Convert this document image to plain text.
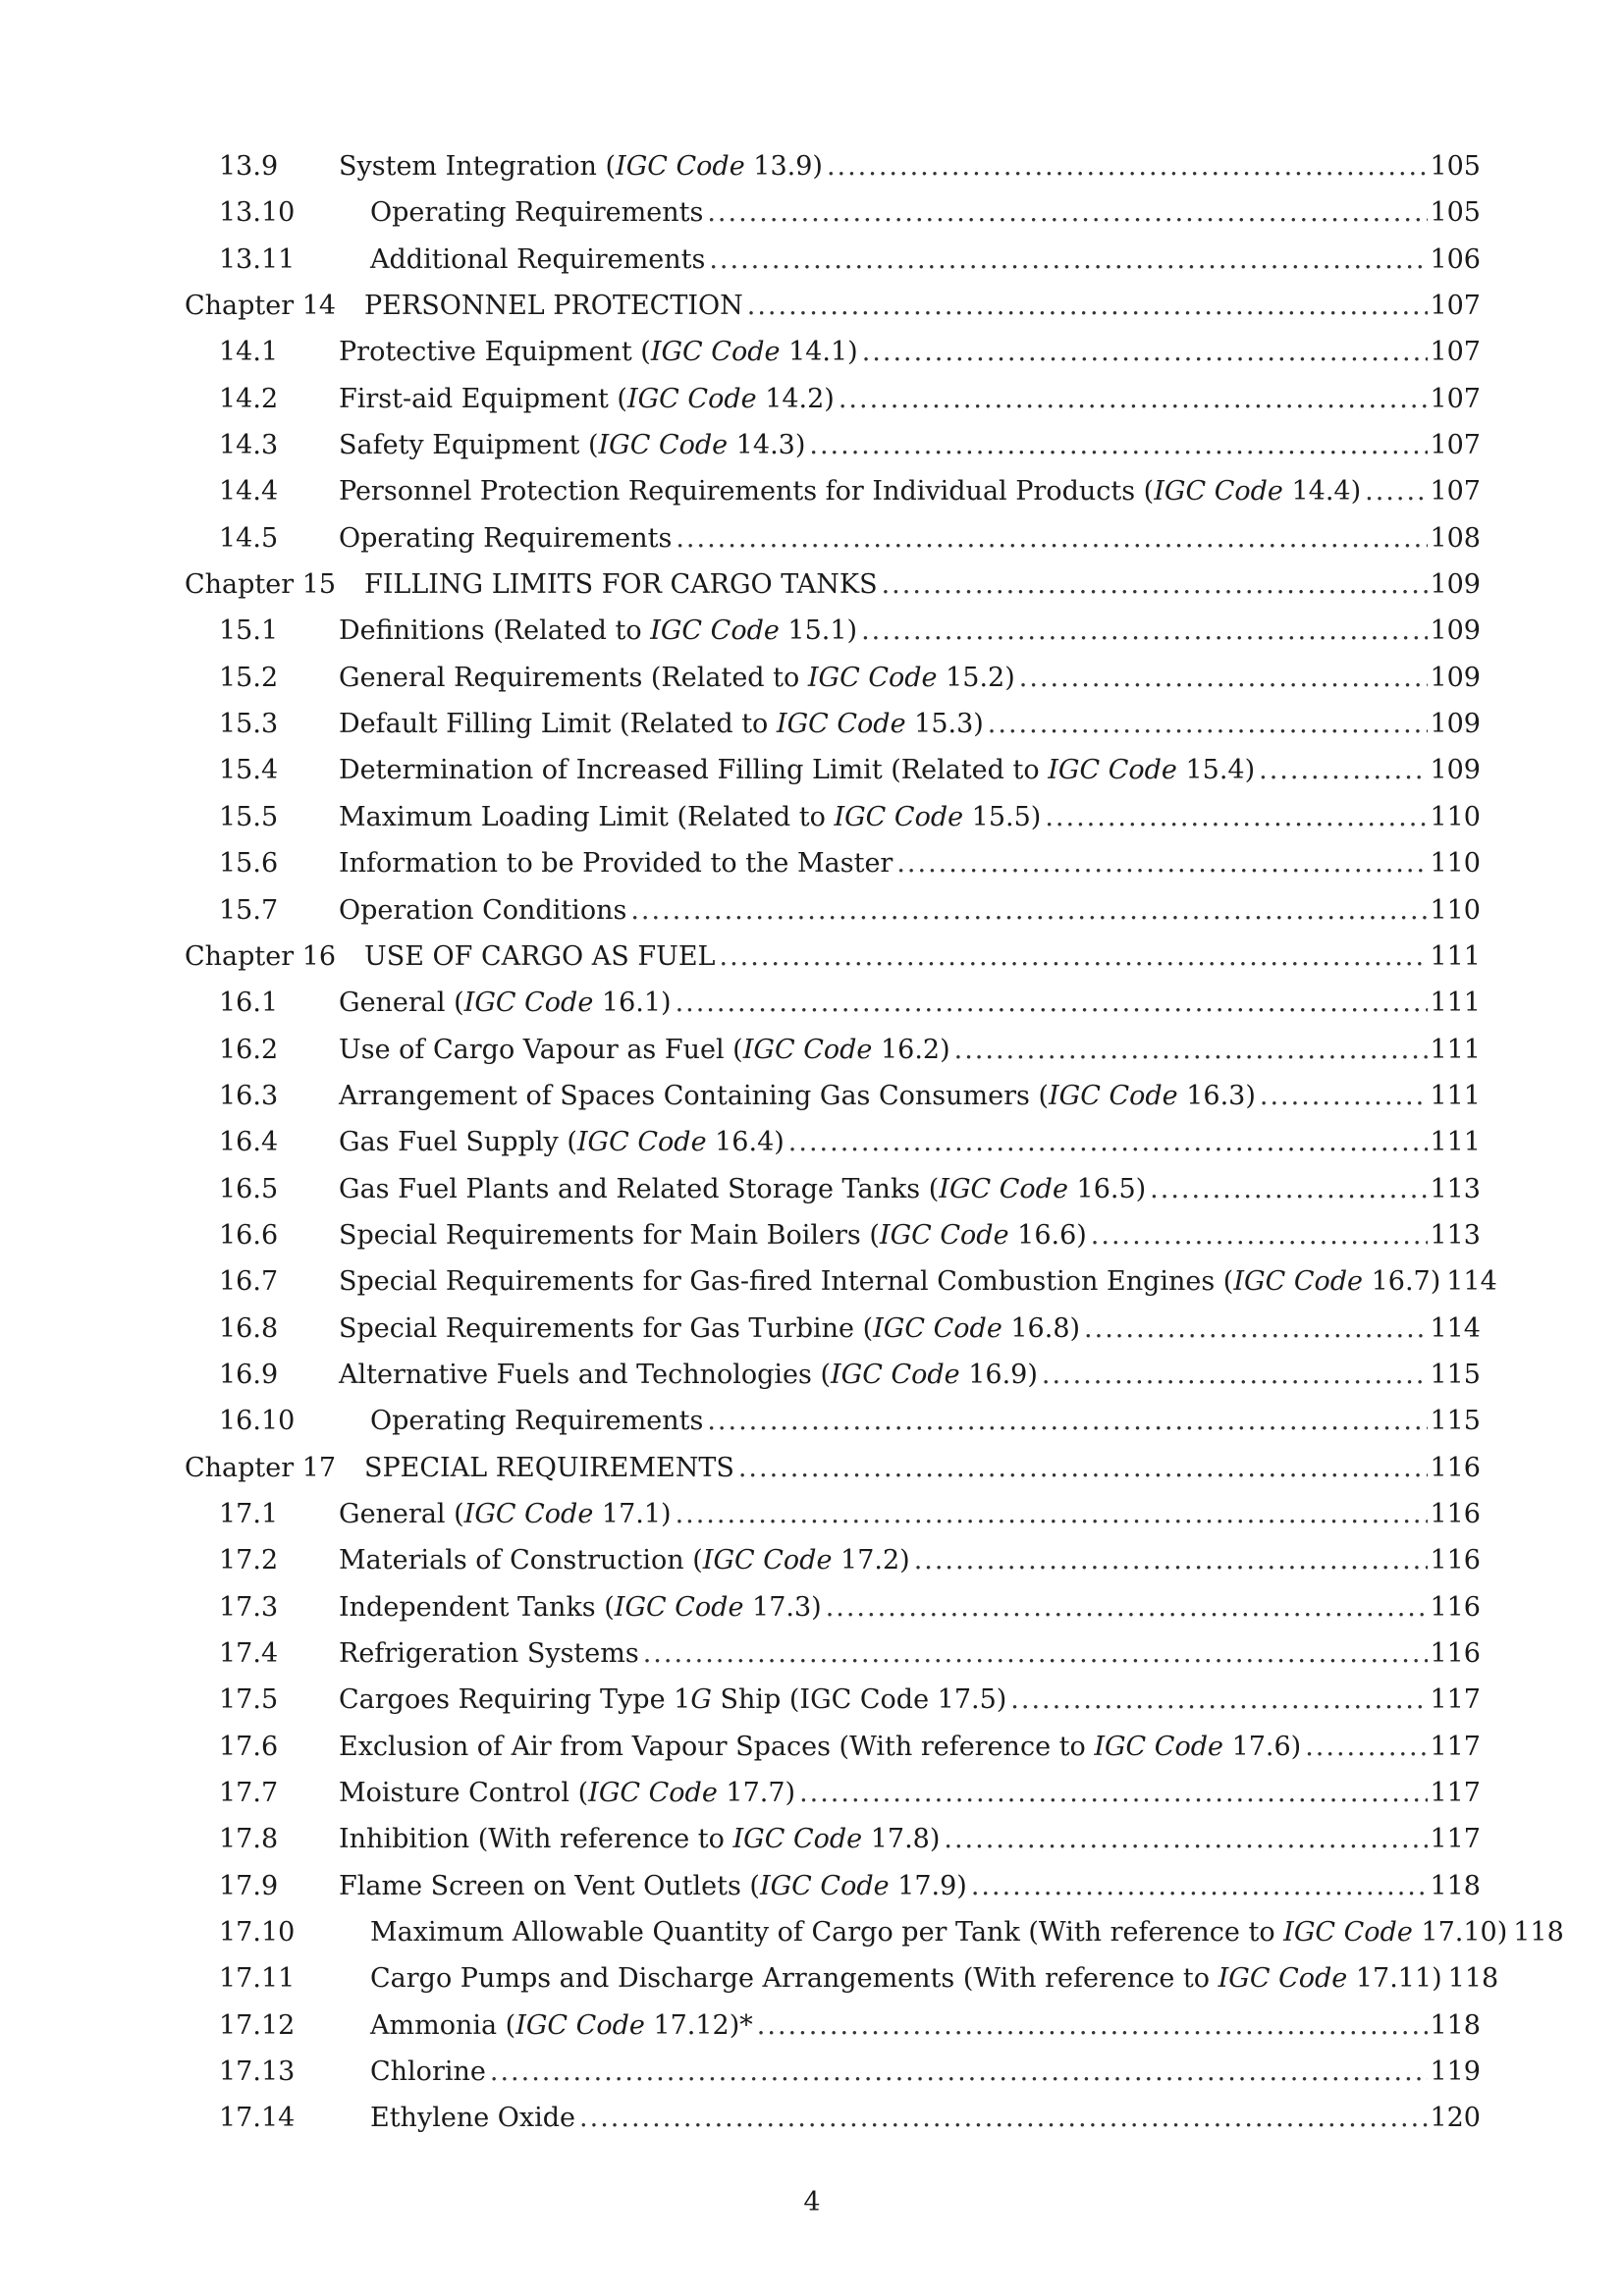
13.9	System Integration (IGC Code 13.9) .....	105
13.10	Operating Requirements .....	105
13.11	Additional Requirements .....	106
Chapter 14	PERSONNEL PROTECTION .....	107
14.1	Protective Equipment (IGC Code 14.1) .....	107
14.2	First-aid Equipment (IGC Code 14.2) .....	107
14.3	Safety Equipment (IGC Code 14.3) .....	107
14.4	Personnel Protection Requirements for Individual Products (IGC Code 14.4) .....	107
14.5	Operating Requirements .....	108
Chapter 15	FILLING LIMITS FOR CARGO TANKS .....	109
15.1	Definitions (Related to IGC Code 15.1) .....	109
15.2	General Requirements (Related to IGC Code 15.2) .....	109
15.3	Default Filling Limit (Related to IGC Code 15.3) .....	109
15.4	Determination of Increased Filling Limit (Related to IGC Code 15.4) .....	109
15.5	Maximum Loading Limit (Related to IGC Code 15.5) .....	110
15.6	Information to be Provided to the Master .....	110
15.7	Operation Conditions .....	110
Chapter 16	USE OF CARGO AS FUEL .....	111
16.1	General (IGC Code 16.1) .....	111
16.2	Use of Cargo Vapour as Fuel (IGC Code 16.2) .....	111
16.3	Arrangement of Spaces Containing Gas Consumers (IGC Code 16.3) .....	111
16.4	Gas Fuel Supply (IGC Code 16.4) .....	111
16.5	Gas Fuel Plants and Related Storage Tanks (IGC Code 16.5) .....	113
16.6	Special Requirements for Main Boilers (IGC Code 16.6) .....	113
16.7	Special Requirements for Gas-fired Internal Combustion Engines (IGC Code 16.7) 114
16.8	Special Requirements for Gas Turbine (IGC Code 16.8) .....	114
16.9	Alternative Fuels and Technologies (IGC Code 16.9) .....	115
16.10	Operating Requirements .....	115
Chapter 17	SPECIAL REQUIREMENTS .....	116
17.1	General (IGC Code 17.1) .....	116
17.2	Materials of Construction (IGC Code 17.2) .....	116
17.3	Independent Tanks (IGC Code 17.3) .....	116
17.4	Refrigeration Systems .....	116
17.5	Cargoes Requiring Type 1G Ship (IGC Code 17.5) .....	117
17.6	Exclusion of Air from Vapour Spaces (With reference to IGC Code 17.6) .....	117
17.7	Moisture Control (IGC Code 17.7) .....	117
17.8	Inhibition (With reference to IGC Code 17.8) .....	117
17.9	Flame Screen on Vent Outlets (IGC Code 17.9) .....	118
17.10	Maximum Allowable Quantity of Cargo per Tank (With reference to IGC Code 17.10) 118
17.11	Cargo Pumps and Discharge Arrangements (With reference to IGC Code 17.11) 118
17.12	Ammonia (IGC Code 17.12)* .....	118
17.13	Chlorine .....	119
17.14	Ethylene Oxide .....	120
4
